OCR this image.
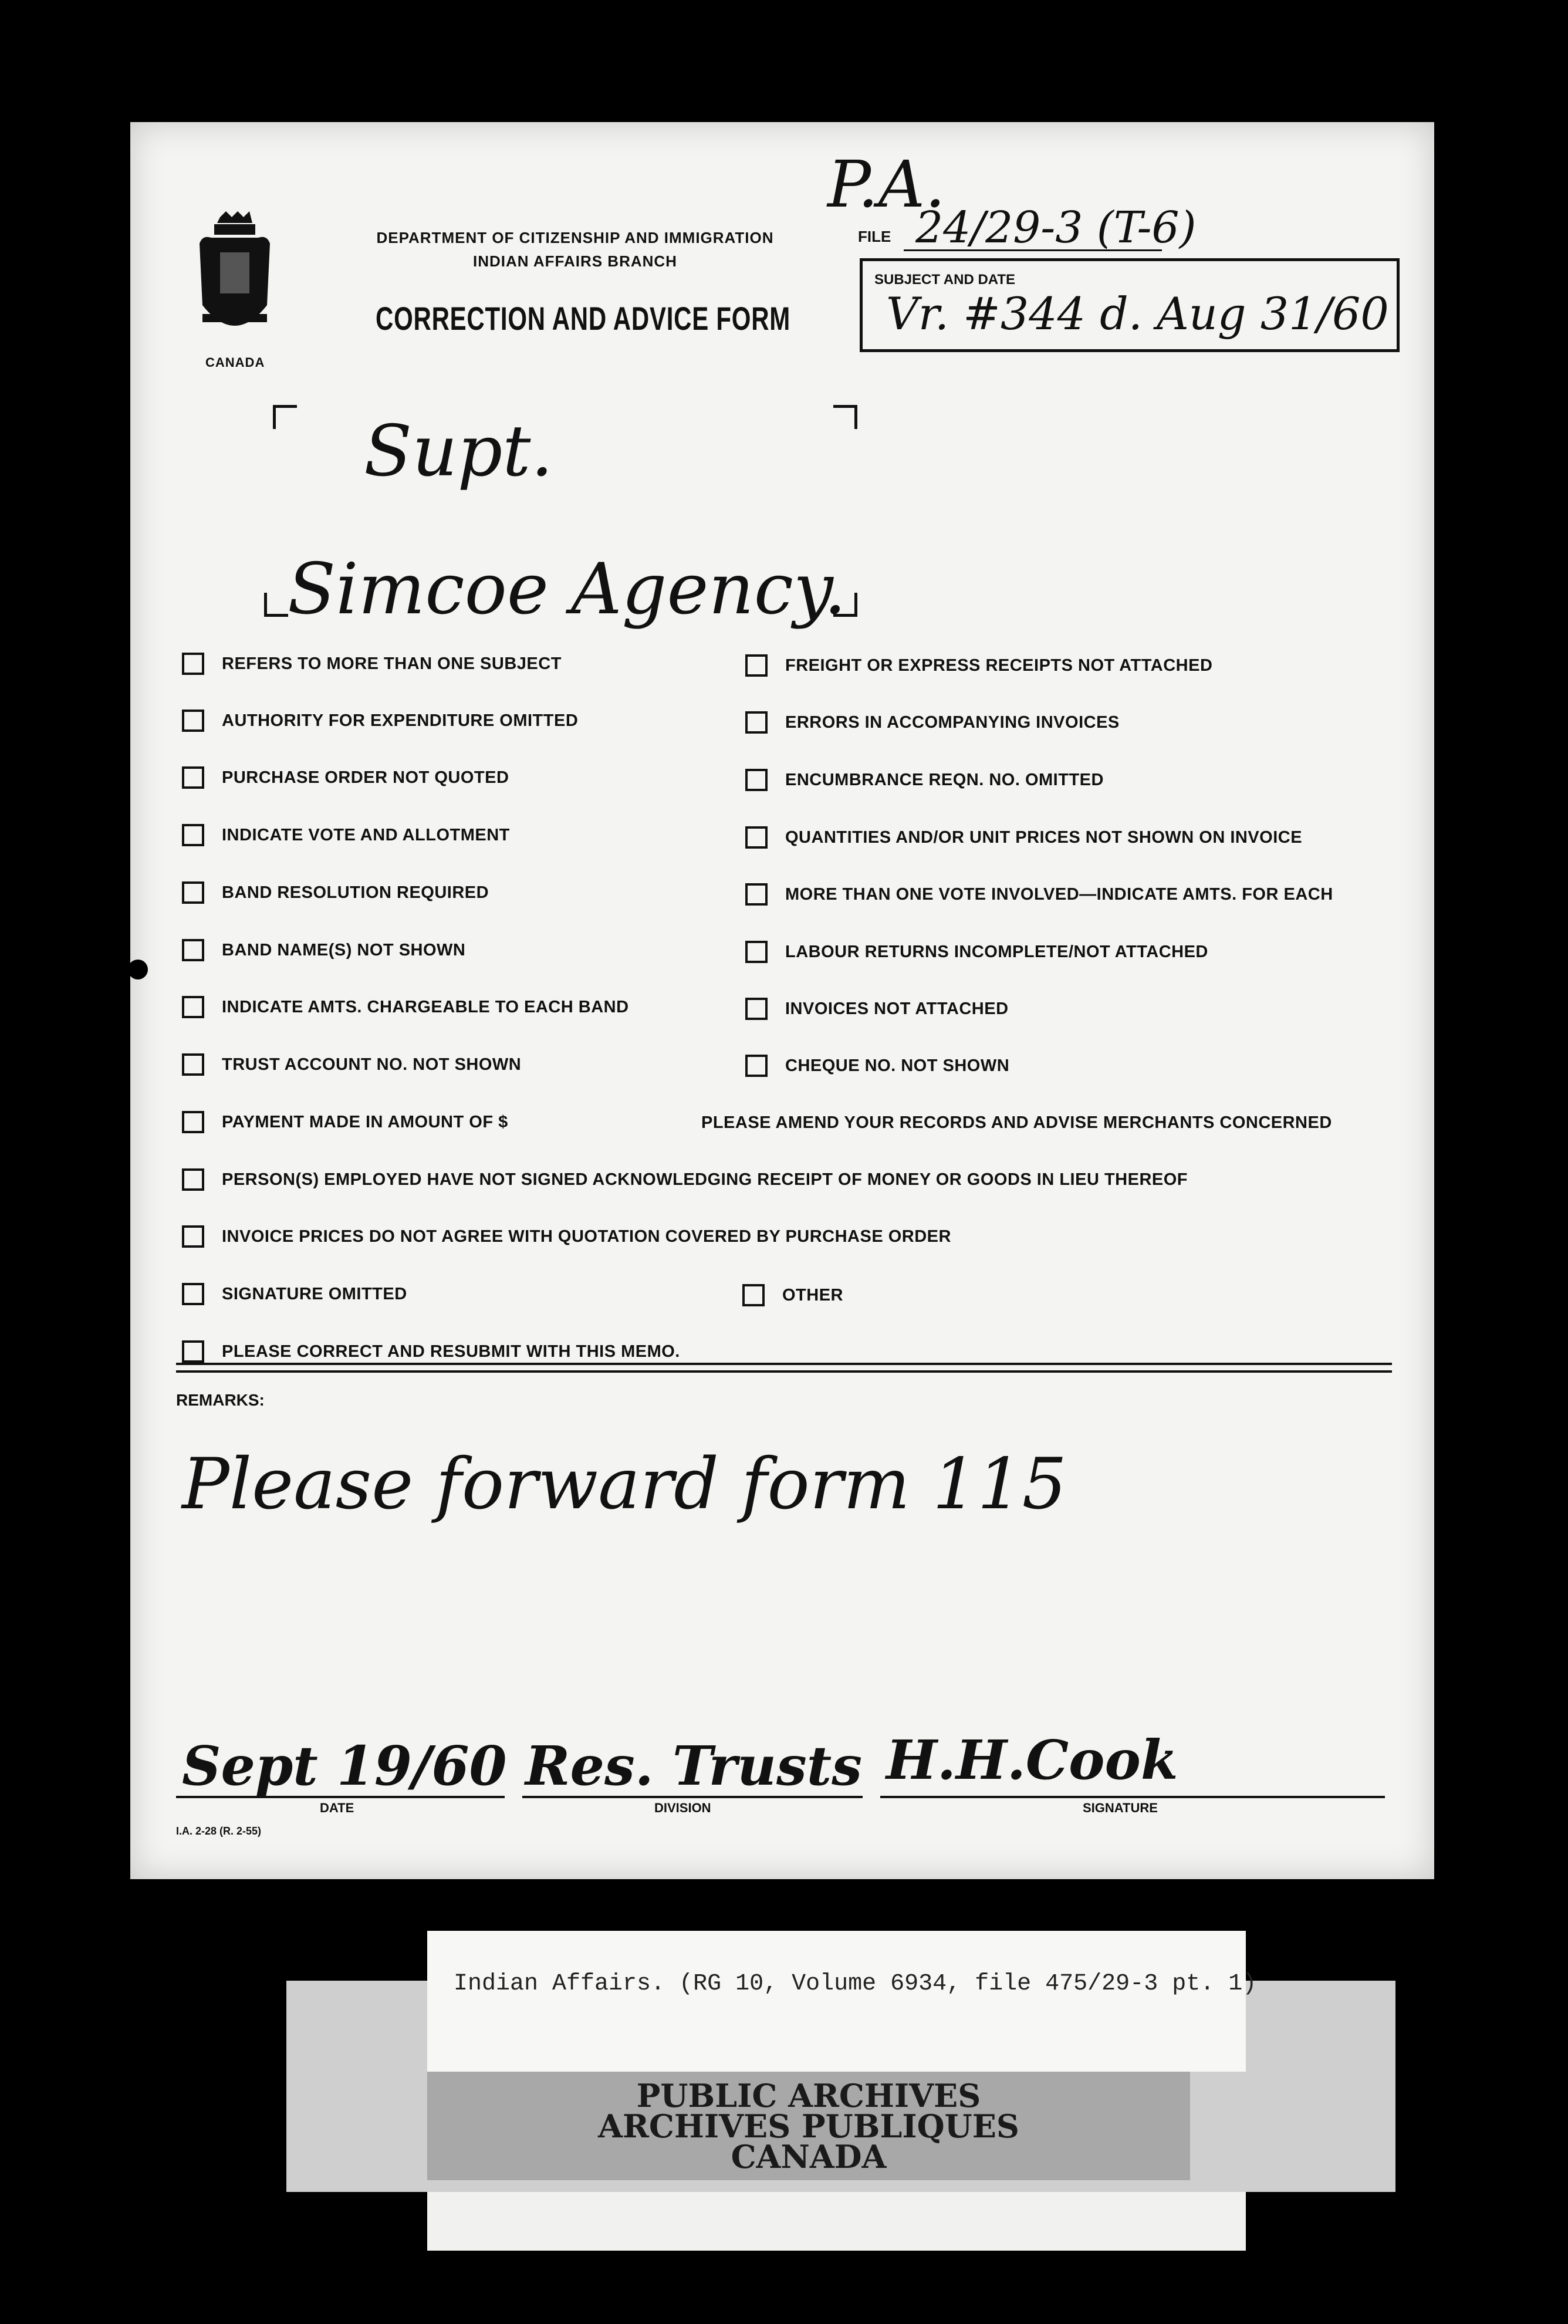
CANADA
DEPARTMENT OF CITIZENSHIP AND IMMIGRATION
INDIAN AFFAIRS BRANCH
CORRECTION AND ADVICE FORM
P.A.
FILE 24/29-3 (T-6)
SUBJECT AND DATE
Vr. #344 d. Aug 31/60
Supt.
Simcoe Agency.
REFERS TO MORE THAN ONE SUBJECT
AUTHORITY FOR EXPENDITURE OMITTED
PURCHASE ORDER NOT QUOTED
INDICATE VOTE AND ALLOTMENT
BAND RESOLUTION REQUIRED
BAND NAME(S) NOT SHOWN
INDICATE AMTS. CHARGEABLE TO EACH BAND
TRUST ACCOUNT NO. NOT SHOWN
PAYMENT MADE IN AMOUNT OF $
PERSON(S) EMPLOYED HAVE NOT SIGNED ACKNOWLEDGING RECEIPT OF MONEY OR GOODS IN LIEU THEREOF
INVOICE PRICES DO NOT AGREE WITH QUOTATION COVERED BY PURCHASE ORDER
SIGNATURE OMITTED
PLEASE CORRECT AND RESUBMIT WITH THIS MEMO.
FREIGHT OR EXPRESS RECEIPTS NOT ATTACHED
ERRORS IN ACCOMPANYING INVOICES
ENCUMBRANCE REQN. NO. OMITTED
QUANTITIES AND/OR UNIT PRICES NOT SHOWN ON INVOICE
MORE THAN ONE VOTE INVOLVED—INDICATE AMTS. FOR EACH
LABOUR RETURNS INCOMPLETE/NOT ATTACHED
INVOICES NOT ATTACHED
CHEQUE NO. NOT SHOWN
OTHER
PLEASE AMEND YOUR RECORDS AND ADVISE MERCHANTS CONCERNED
REMARKS:
Please forward form 115
Sept 19/60 Res. Trusts H.H.Cook
DATE	DIVISION	SIGNATURE
I.A. 2-28 (R. 2-55)
PUBLIC ARCHIVES
ARCHIVES PUBLIQUES
CANADA
Indian Affairs. (RG 10, Volume 6934, file 475/29-3 pt. 1)
